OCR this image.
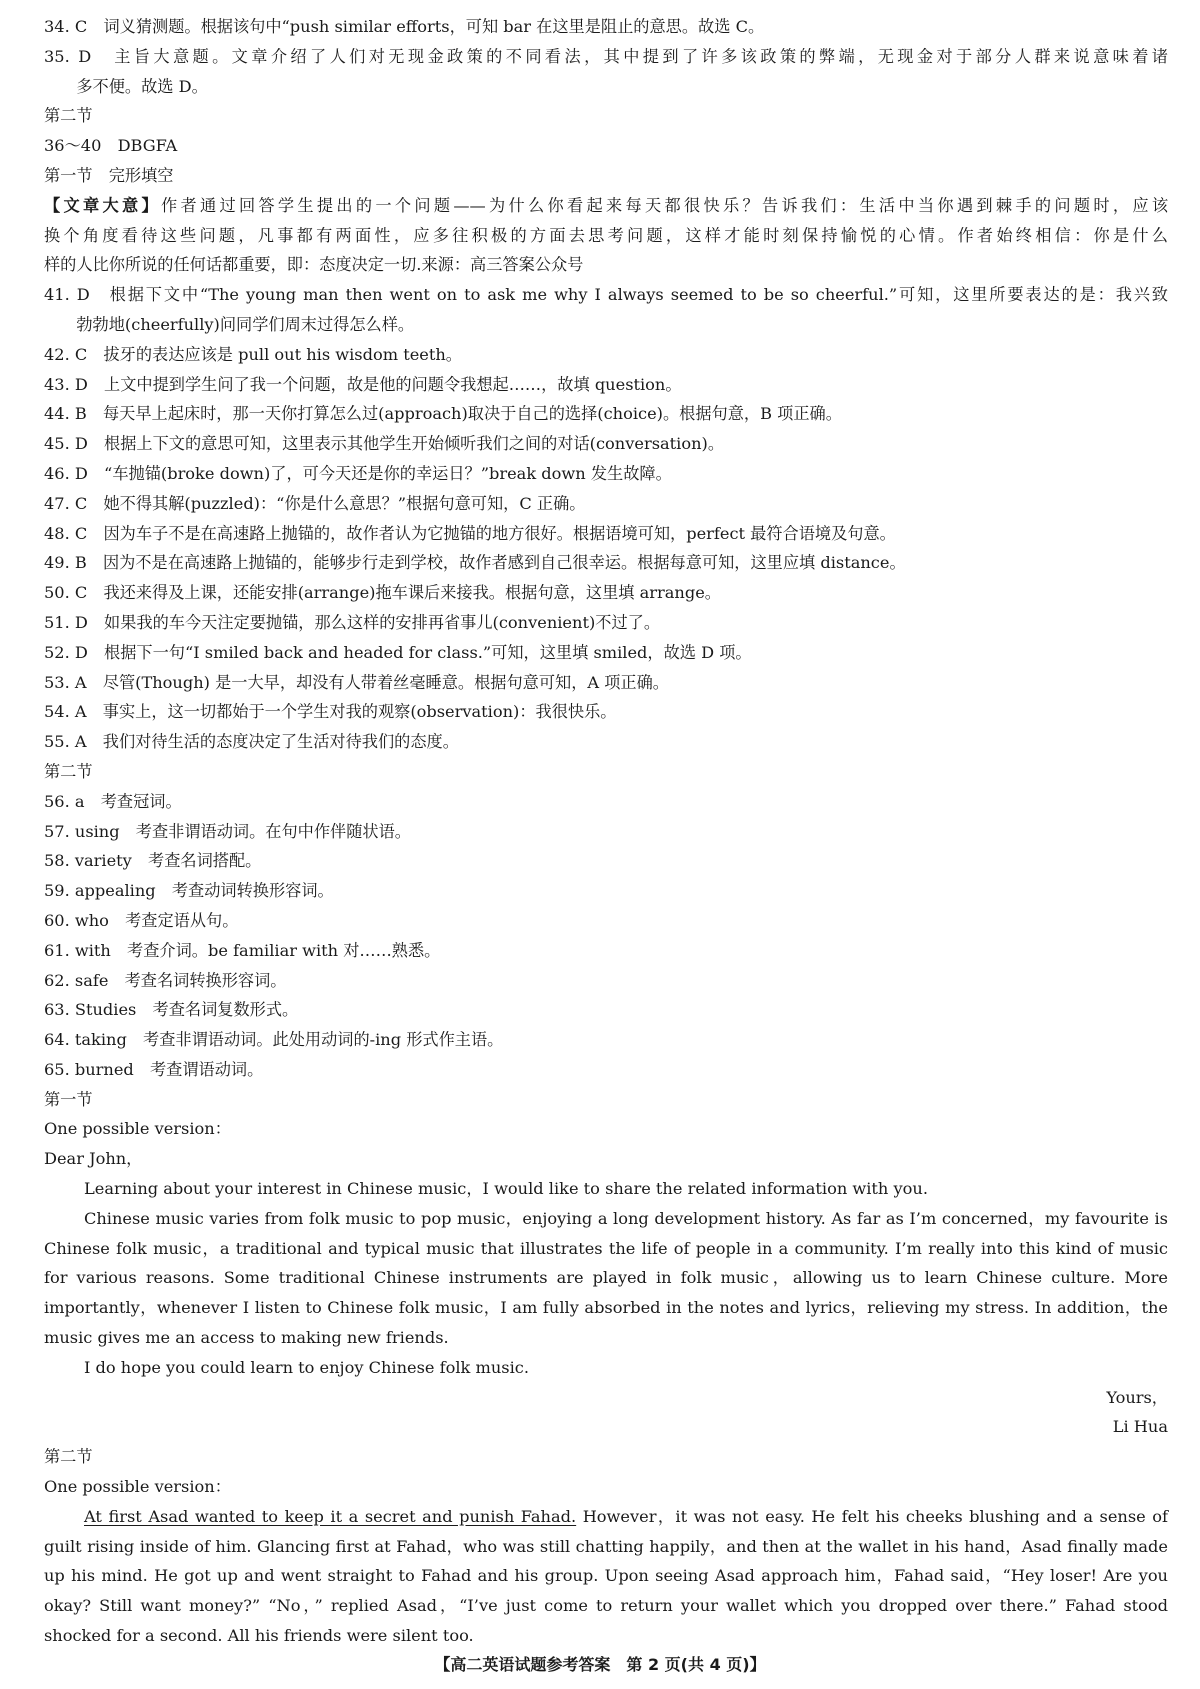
34. C　词义猜测题。根据该句中“push similar efforts，可知 bar 在这里是阻止的意思。故选 C。
35. D　主旨大意题。文章介绍了人们对无现金政策的不同看法，其中提到了许多该政策的弊端，无现金对于部分人群来说意味着诸
　　多不便。故选 D。
第二节
36～40　DBGFA
第一节　完形填空
【文章大意】作者通过回答学生提出的一个问题——为什么你看起来每天都很快乐？告诉我们：生活中当你遇到棘手的问题时，应该
换个角度看待这些问题，凡事都有两面性，应多往积极的方面去思考问题，这样才能时刻保持愉悦的心情。作者始终相信：你是什么
样的人比你所说的任何话都重要，即：态度决定一切.来源：高三答案公众号
41. D　根据下文中“The young man then went on to ask me why I always seemed to be so cheerful.”可知，这里所要表达的是：我兴致
　　勃勃地(cheerfully)问同学们周末过得怎么样。
42. C　拔牙的表达应该是 pull out his wisdom teeth。
43. D　上文中提到学生问了我一个问题，故是他的问题令我想起……，故填 question。
44. B　每天早上起床时，那一天你打算怎么过(approach)取决于自己的选择(choice)。根据句意，B 项正确。
45. D　根据上下文的意思可知，这里表示其他学生开始倾听我们之间的对话(conversation)。
46. D　“车抛锚(broke down)了，可今天还是你的幸运日？”break down 发生故障。
47. C　她不得其解(puzzled)：“你是什么意思？”根据句意可知，C 正确。
48. C　因为车子不是在高速路上抛锚的，故作者认为它抛锚的地方很好。根据语境可知，perfect 最符合语境及句意。
49. B　因为不是在高速路上抛锚的，能够步行走到学校，故作者感到自己很幸运。根据每意可知，这里应填 distance。
50. C　我还来得及上课，还能安排(arrange)拖车课后来接我。根据句意，这里填 arrange。
51. D　如果我的车今天注定要抛锚，那么这样的安排再省事儿(convenient)不过了。
52. D　根据下一句“I smiled back and headed for class.”可知，这里填 smiled，故选 D 项。
53. A　尽管(Though) 是一大早，却没有人带着丝毫睡意。根据句意可知，A 项正确。
54. A　事实上，这一切都始于一个学生对我的观察(observation)：我很快乐。
55. A　我们对待生活的态度决定了生活对待我们的态度。
第二节
56. a　考查冠词。
57. using　考查非谓语动词。在句中作伴随状语。
58. variety　考查名词搭配。
59. appealing　考查动词转换形容词。
60. who　考查定语从句。
61. with　考查介词。be familiar with 对……熟悉。
62. safe　考查名词转换形容词。
63. Studies　考查名词复数形式。
64. taking　考查非谓语动词。此处用动词的-ing 形式作主语。
65. burned　考查谓语动词。
第一节
One possible version：
Dear John，
Learning about your interest in Chinese music，I would like to share the related information with you.
Chinese music varies from folk music to pop music，enjoying a long development history. As far as I’m concerned，my favourite is
Chinese folk music，a traditional and typical music that illustrates the life of people in a community. I’m really into this kind of music
for various reasons. Some traditional Chinese instruments are played in folk music，allowing us to learn Chinese culture. More
importantly，whenever I listen to Chinese folk music，I am fully absorbed in the notes and lyrics，relieving my stress. In addition，the
music gives me an access to making new friends.
I do hope you could learn to enjoy Chinese folk music.
Yours，
Li Hua
第二节
One possible version：
At first Asad wanted to keep it a secret and punish Fahad. However，it was not easy. He felt his cheeks blushing and a sense of
guilt rising inside of him. Glancing first at Fahad，who was still chatting happily，and then at the wallet in his hand，Asad finally made
up his mind. He got up and went straight to Fahad and his group. Upon seeing Asad approach him，Fahad said，“Hey loser! Are you
okay? Still want money?” “No，” replied Asad，“I’ve just come to return your wallet which you dropped over there.” Fahad stood
shocked for a second. All his friends were silent too.
【高二英语试题参考答案　第 2 页(共 4 页)】
